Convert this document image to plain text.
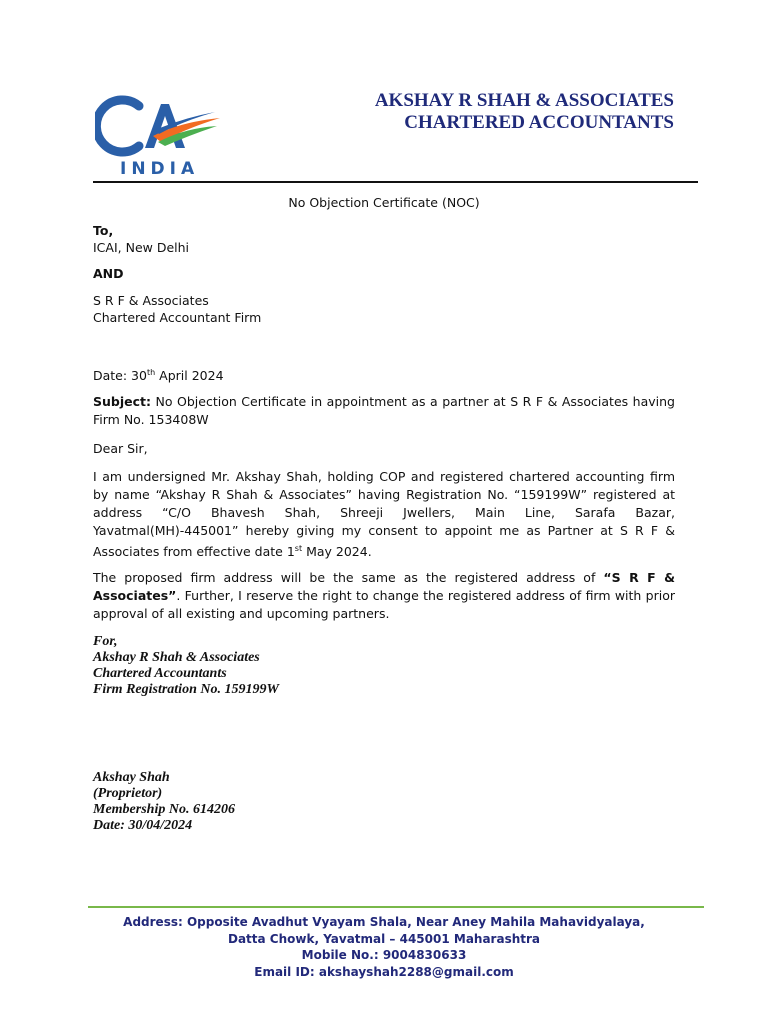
INDIA
AKSHAY R SHAH & ASSOCIATES
CHARTERED ACCOUNTANTS
No Objection Certificate (NOC)
To,
ICAI, New Delhi
AND
S R F & Associates
Chartered Accountant Firm
Date: 30th April 2024
Subject: No Objection Certificate in appointment as a partner at S R F & Associates having Firm No. 153408W
Dear Sir,
I am undersigned Mr. Akshay Shah, holding COP and registered chartered accounting firm by name “Akshay R Shah & Associates” having Registration No. “159199W” registered at address “C/O Bhavesh Shah, Shreeji Jwellers, Main Line, Sarafa Bazar, Yavatmal(MH)-445001” hereby giving my consent to appoint me as Partner at S R F & Associates from effective date 1st May 2024.
The proposed firm address will be the same as the registered address of “S R F & Associates”. Further, I reserve the right to change the registered address of firm with prior approval of all existing and upcoming partners.
For,
Akshay R Shah & Associates
Chartered Accountants
Firm Registration No. 159199W
Akshay Shah
(Proprietor)
Membership No. 614206
Date: 30/04/2024
Address: Opposite Avadhut Vyayam Shala, Near Aney Mahila Mahavidyalaya,
Datta Chowk, Yavatmal – 445001 Maharashtra
Mobile No.: 9004830633
Email ID: akshayshah2288@gmail.com
